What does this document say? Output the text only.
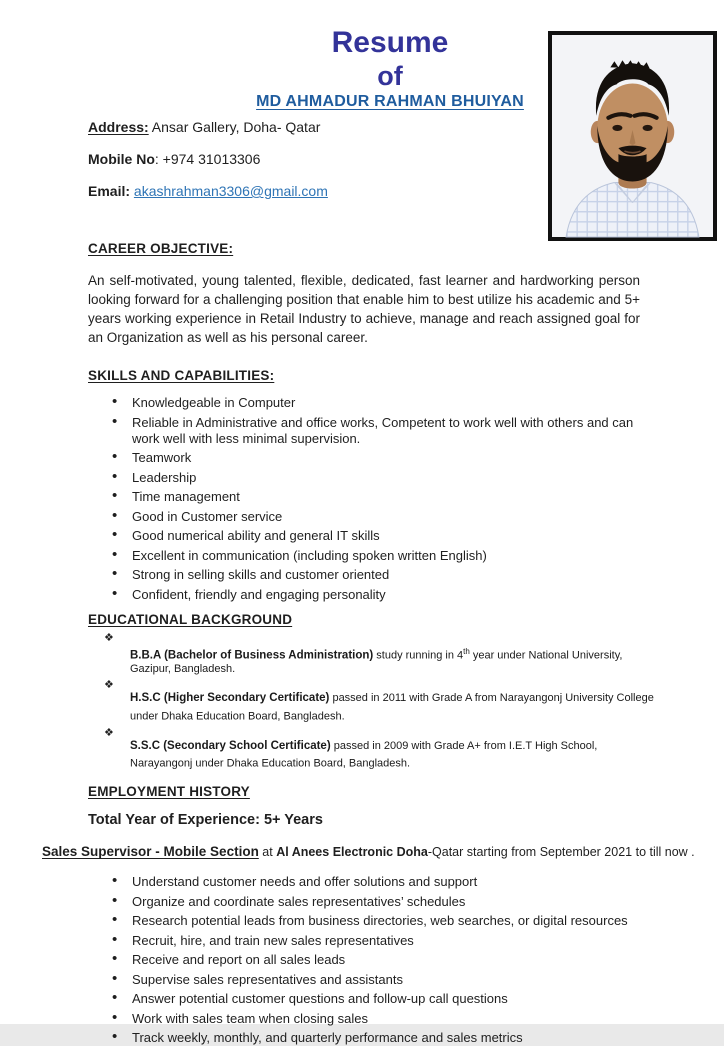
Resume
of
MD AHMADUR RAHMAN BHUIYAN
Address: Ansar Gallery, Doha- Qatar
Mobile No: +974 31013306
Email: akashrahman3306@gmail.com
CAREER OBJECTIVE:

An self-motivated, young talented, flexible, dedicated, fast learner and hardworking person looking forward for a challenging position that enable him to best utilize his academic and 5+ years working experience in Retail Industry to achieve, manage and reach assigned goal for an Organization as well as his personal career.

SKILLS AND CAPABILITIES:
• Knowledgeable in Computer
• Reliable in Administrative and office works, Competent to work well with others and can work well with less minimal supervision.
• Teamwork
• Leadership
• Time management
• Good in Customer service
• Good numerical ability and general IT skills
• Excellent in communication (including spoken written English)
• Strong in selling skills and customer oriented
• Confident, friendly and engaging personality
EDUCATIONAL BACKGROUND
❖
B.B.A (Bachelor of Business Administration) study running in 4th year under National University, Gazipur, Bangladesh.
❖
H.S.C (Higher Secondary Certificate) passed in 2011 with Grade A from Narayangonj University College under Dhaka Education Board, Bangladesh.
❖
S.S.C (Secondary School Certificate) passed in 2009 with Grade A+ from I.E.T High School, Narayangonj under Dhaka Education Board, Bangladesh.
EMPLOYMENT HISTORY
Total Year of Experience: 5+ Years
Sales Supervisor - Mobile Section at Al Anees Electronic Doha-Qatar starting from September 2021 to till now .
• Understand customer needs and offer solutions and support
• Organize and coordinate sales representatives’ schedules
• Research potential leads from business directories, web searches, or digital resources
• Recruit, hire, and train new sales representatives
• Receive and report on all sales leads
• Supervise sales representatives and assistants
• Answer potential customer questions and follow-up call questions
• Work with sales team when closing sales
• Track weekly, monthly, and quarterly performance and sales metrics
